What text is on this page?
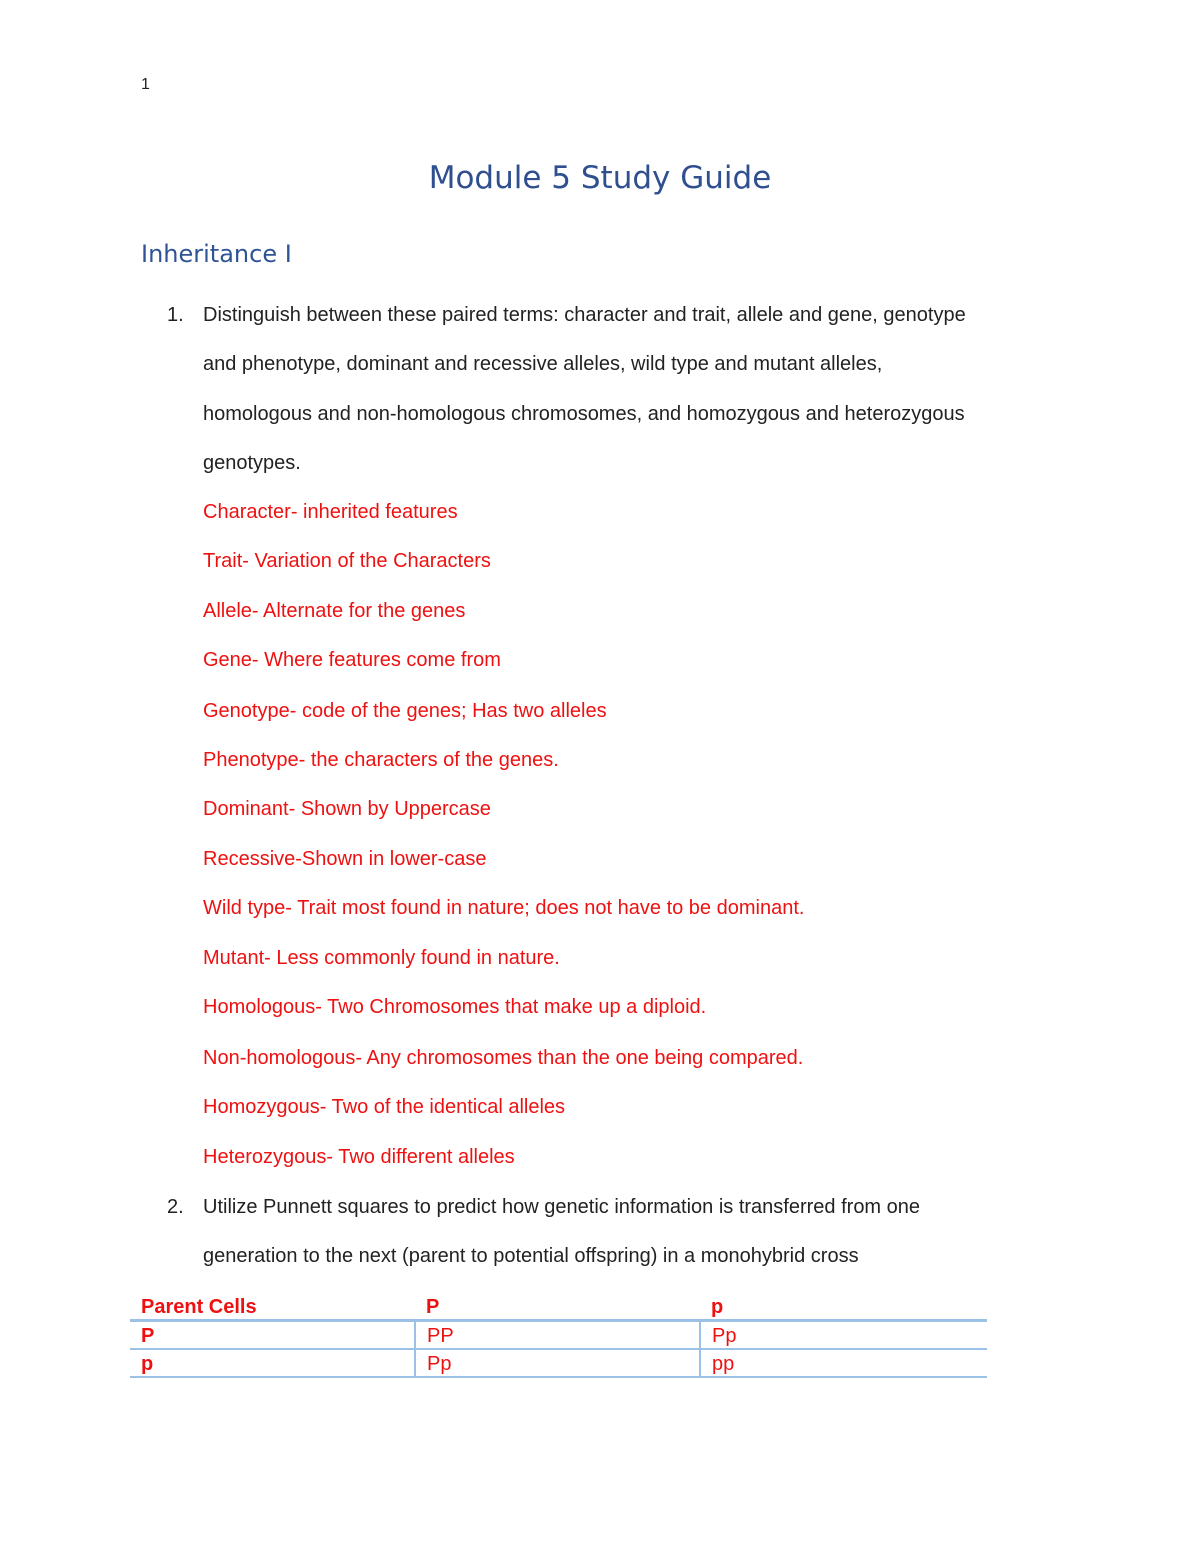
1
Module 5 Study Guide
Inheritance I
1. Distinguish between these paired terms: character and trait, allele and gene, genotype
and phenotype, dominant and recessive alleles, wild type and mutant alleles,
homologous and non-homologous chromosomes, and homozygous and heterozygous
genotypes.
Character- inherited features
Trait- Variation of the Characters
Allele- Alternate for the genes
Gene- Where features come from
Genotype- code of the genes; Has two alleles
Phenotype- the characters of the genes.
Dominant- Shown by Uppercase
Recessive-Shown in lower-case
Wild type- Trait most found in nature; does not have to be dominant.
Mutant- Less commonly found in nature.
Homologous- Two Chromosomes that make up a diploid.
Non-homologous- Any chromosomes than the one being compared.
Homozygous- Two of the identical alleles
Heterozygous- Two different alleles
2. Utilize Punnett squares to predict how genetic information is transferred from one
generation to the next (parent to potential offspring) in a monohybrid cross
Parent Cells	P	p
P	PP	Pp
p	Pp	pp
